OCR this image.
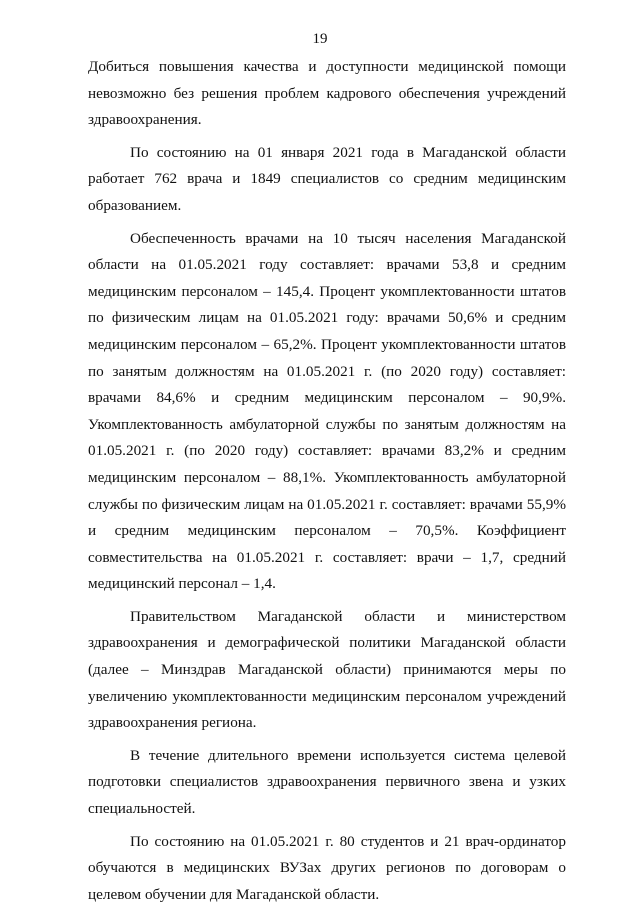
19

Добиться повышения качества и доступности медицинской помощи невозможно без решения проблем кадрового обеспечения учреждений здравоохранения.

По состоянию на 01 января 2021 года в Магаданской области работает 762 врача и 1849 специалистов со средним медицинским образованием.

Обеспеченность врачами на 10 тысяч населения Магаданской области на 01.05.2021 году составляет: врачами 53,8 и средним медицинским персоналом – 145,4. Процент укомплектованности штатов по физическим лицам на 01.05.2021 году: врачами 50,6% и средним медицинским персоналом – 65,2%. Процент укомплектованности штатов по занятым должностям на 01.05.2021 г. (по 2020 году) составляет: врачами 84,6% и средним медицинским персоналом – 90,9%. Укомплектованность амбулаторной службы по занятым должностям на 01.05.2021 г. (по 2020 году) составляет: врачами 83,2% и средним медицинским персоналом – 88,1%. Укомплектованность амбулаторной службы по физическим лицам на 01.05.2021 г. составляет: врачами 55,9% и средним медицинским персоналом – 70,5%. Коэффициент совместительства на 01.05.2021 г. составляет: врачи – 1,7, средний медицинский персонал – 1,4.

Правительством Магаданской области и министерством здравоохранения и демографической политики Магаданской области (далее – Минздрав Магаданской области) принимаются меры по увеличению укомплектованности медицинским персоналом учреждений здравоохранения региона.

В течение длительного времени используется система целевой подготовки специалистов здравоохранения первичного звена и узких специальностей.

По состоянию на 01.05.2021 г. 80 студентов и 21 врач-ординатор обучаются в медицинских ВУЗах других регионов по договорам о целевом обучении для Магаданской области.
